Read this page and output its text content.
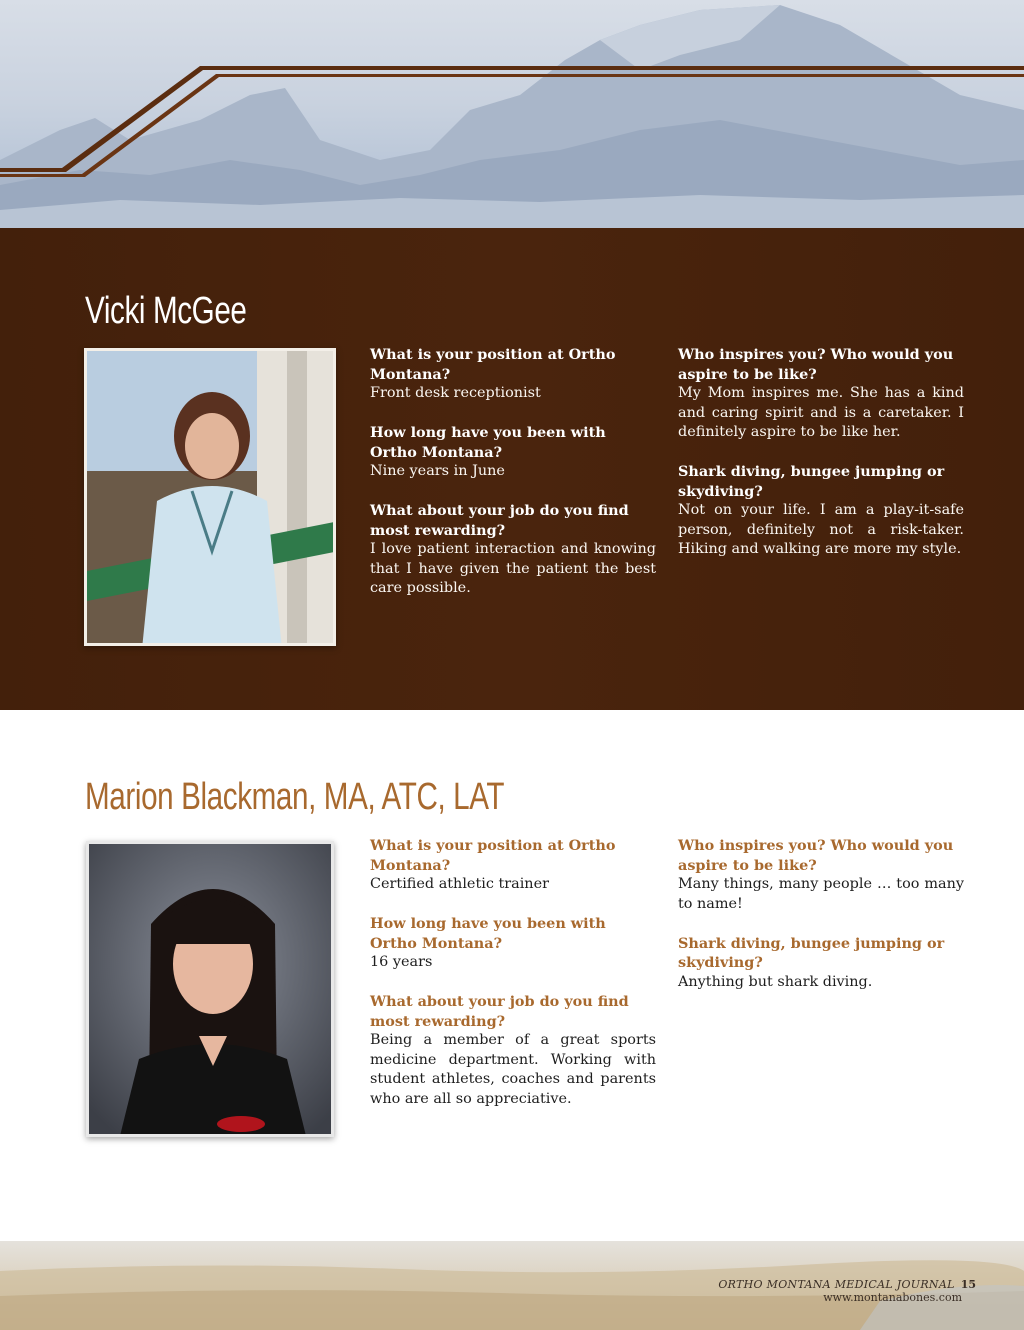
Vicki McGee
What is your position at Ortho Montana?
Front desk receptionist
How long have you been with Ortho Montana?
Nine years in June
What about your job do you find most rewarding?
I love patient interaction and knowing that I have given the patient the best care possible.
Who inspires you? Who would you aspire to be like?
My Mom inspires me. She has a kind and caring spirit and is a caretaker. I definitely aspire to be like her.
Shark diving, bungee jumping or skydiving?
Not on your life. I am a play-it-safe person, definitely not a risk-taker. Hiking and walking are more my style.
Marion Blackman, MA, ATC, LAT
What is your position at Ortho Montana?
Certified athletic trainer
How long have you been with Ortho Montana?
16 years
What about your job do you find most rewarding?
Being a member of a great sports medicine department. Working with student athletes, coaches and parents who are all so appreciative.
Who inspires you? Who would you aspire to be like?
Many things, many people … too many to name!
Shark diving, bungee jumping or skydiving?
Anything but shark diving.
ORTHO MONTANA MEDICAL JOURNAL 15
www.montanabones.com
